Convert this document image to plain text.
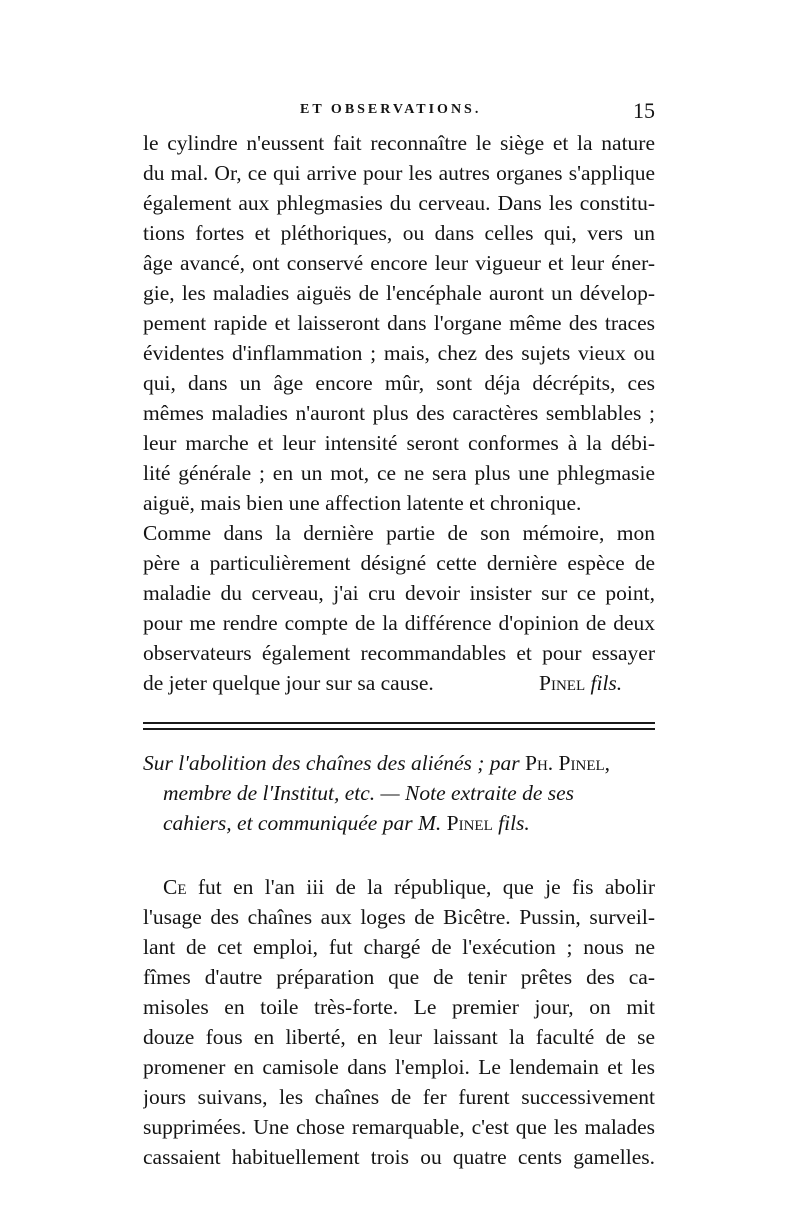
ET OBSERVATIONS.	15
le cylindre n'eussent fait reconnaître le siège et la nature
du mal. Or, ce qui arrive pour les autres organes s'applique
également aux phlegmasies du cerveau. Dans les constitu-
tions fortes et pléthoriques, ou dans celles qui, vers un
âge avancé, ont conservé encore leur vigueur et leur éner-
gie, les maladies aiguës de l'encéphale auront un dévelop-
pement rapide et laisseront dans l'organe même des traces
évidentes d'inflammation ; mais, chez des sujets vieux ou
qui, dans un âge encore mûr, sont déja décrépits, ces
mêmes maladies n'auront plus des caractères semblables ;
leur marche et leur intensité seront conformes à la débi-
lité générale ; en un mot, ce ne sera plus une phlegmasie
aiguë, mais bien une affection latente et chronique.
Comme dans la dernière partie de son mémoire, mon
père a particulièrement désigné cette dernière espèce de
maladie du cerveau, j'ai cru devoir insister sur ce point,
pour me rendre compte de la différence d'opinion de deux
observateurs également recommandables et pour essayer
de jeter quelque jour sur sa cause.	Pinel fils.
Sur l'abolition des chaînes des aliénés ; par Ph. Pinel,
membre de l'Institut, etc. — Note extraite de ses
cahiers, et communiquée par M. Pinel fils.
Ce fut en l'an iii de la république, que je fis abolir
l'usage des chaînes aux loges de Bicêtre. Pussin, surveil-
lant de cet emploi, fut chargé de l'exécution ; nous ne
fîmes d'autre préparation que de tenir prêtes des ca-
misoles en toile très-forte. Le premier jour, on mit
douze fous en liberté, en leur laissant la faculté de se
promener en camisole dans l'emploi. Le lendemain et les
jours suivans, les chaînes de fer furent successivement
supprimées. Une chose remarquable, c'est que les malades
cassaient habituellement trois ou quatre cents gamelles.
